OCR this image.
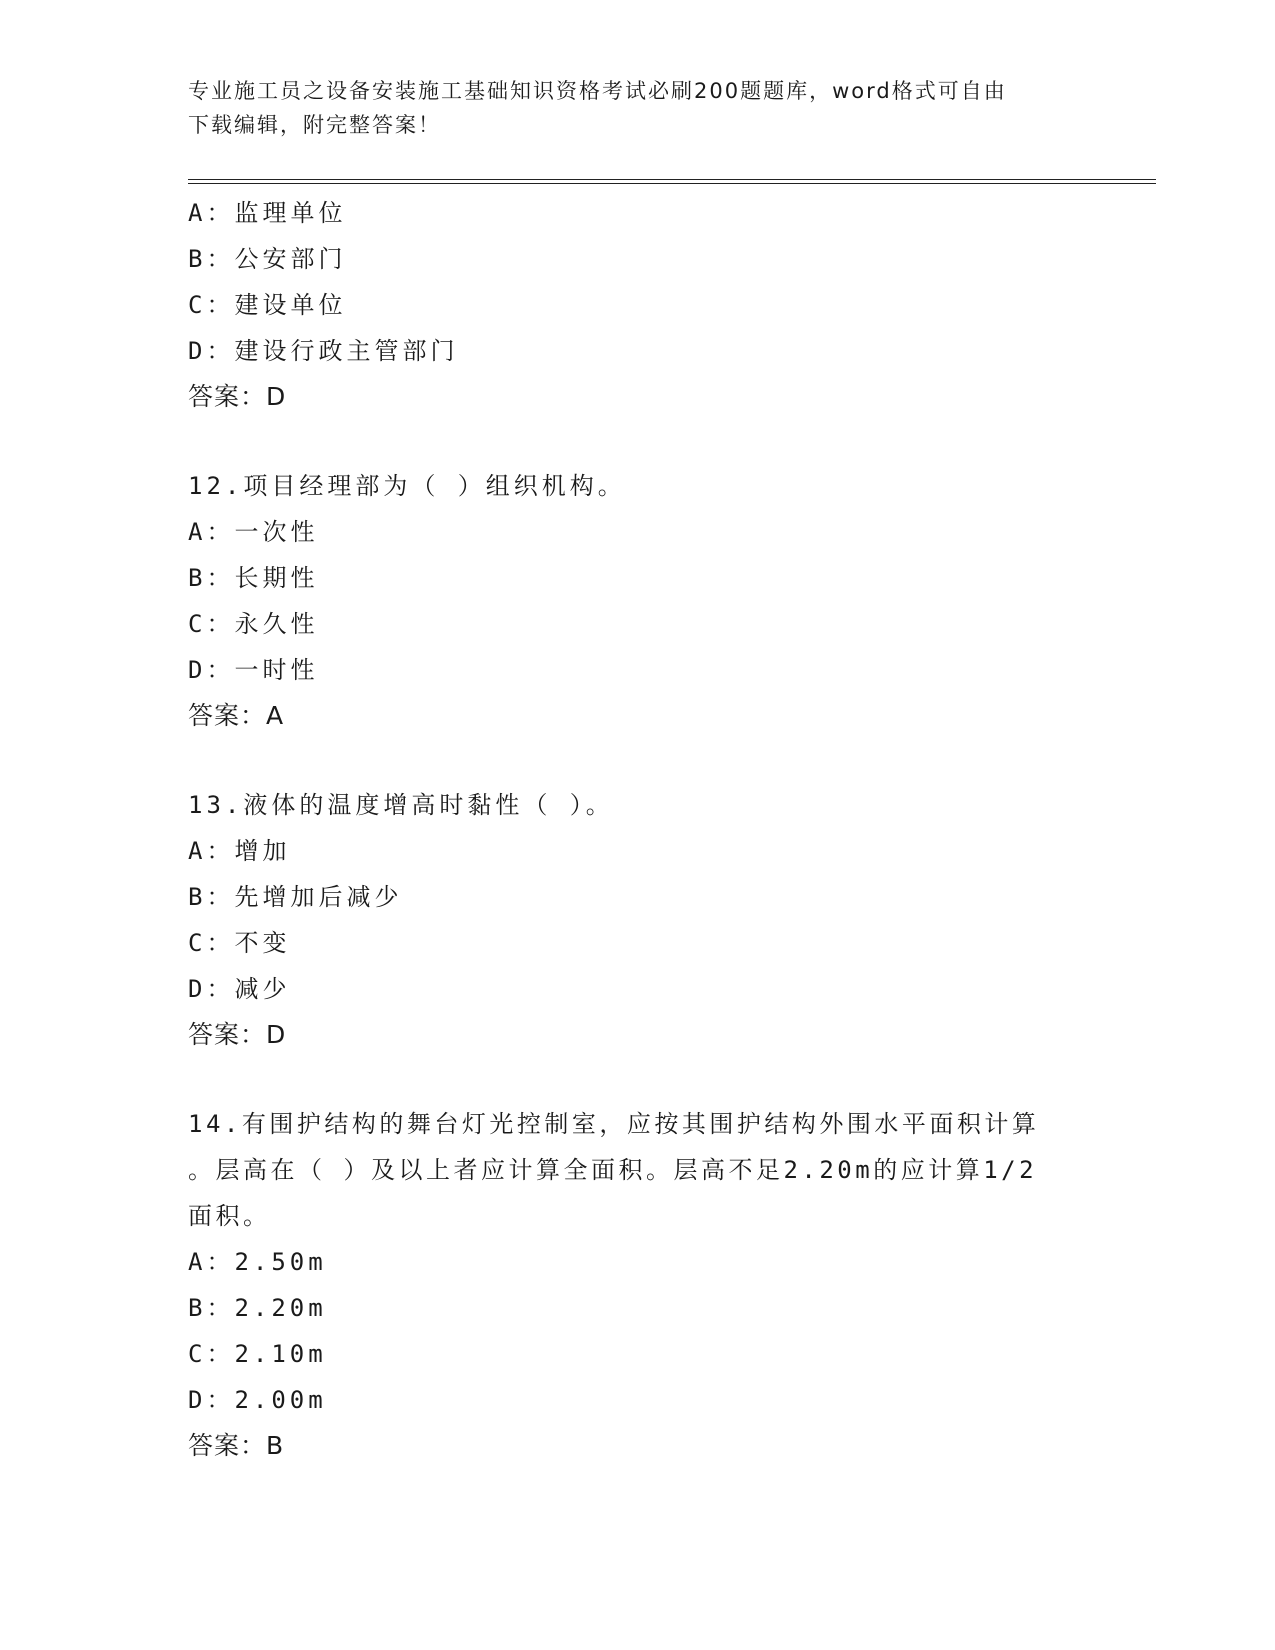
专业施工员之设备安装施工基础知识资格考试必刷200题题库，word格式可自由
下载编辑，附完整答案！
A：监理单位
B：公安部门
C：建设单位
D：建设行政主管部门
答案：D
12.项目经理部为（ ）组织机构。
A：一次性
B：长期性
C：永久性
D：一时性
答案：A
13.液体的温度增高时黏性（ ）。
A：增加
B：先增加后减少
C：不变
D：减少
答案：D
14.有围护结构的舞台灯光控制室，应按其围护结构外围水平面积计算
。层高在（ ）及以上者应计算全面积。层高不足2.20m的应计算1/2
面积。
A：2.50m
B：2.20m
C：2.10m
D：2.00m
答案：B
